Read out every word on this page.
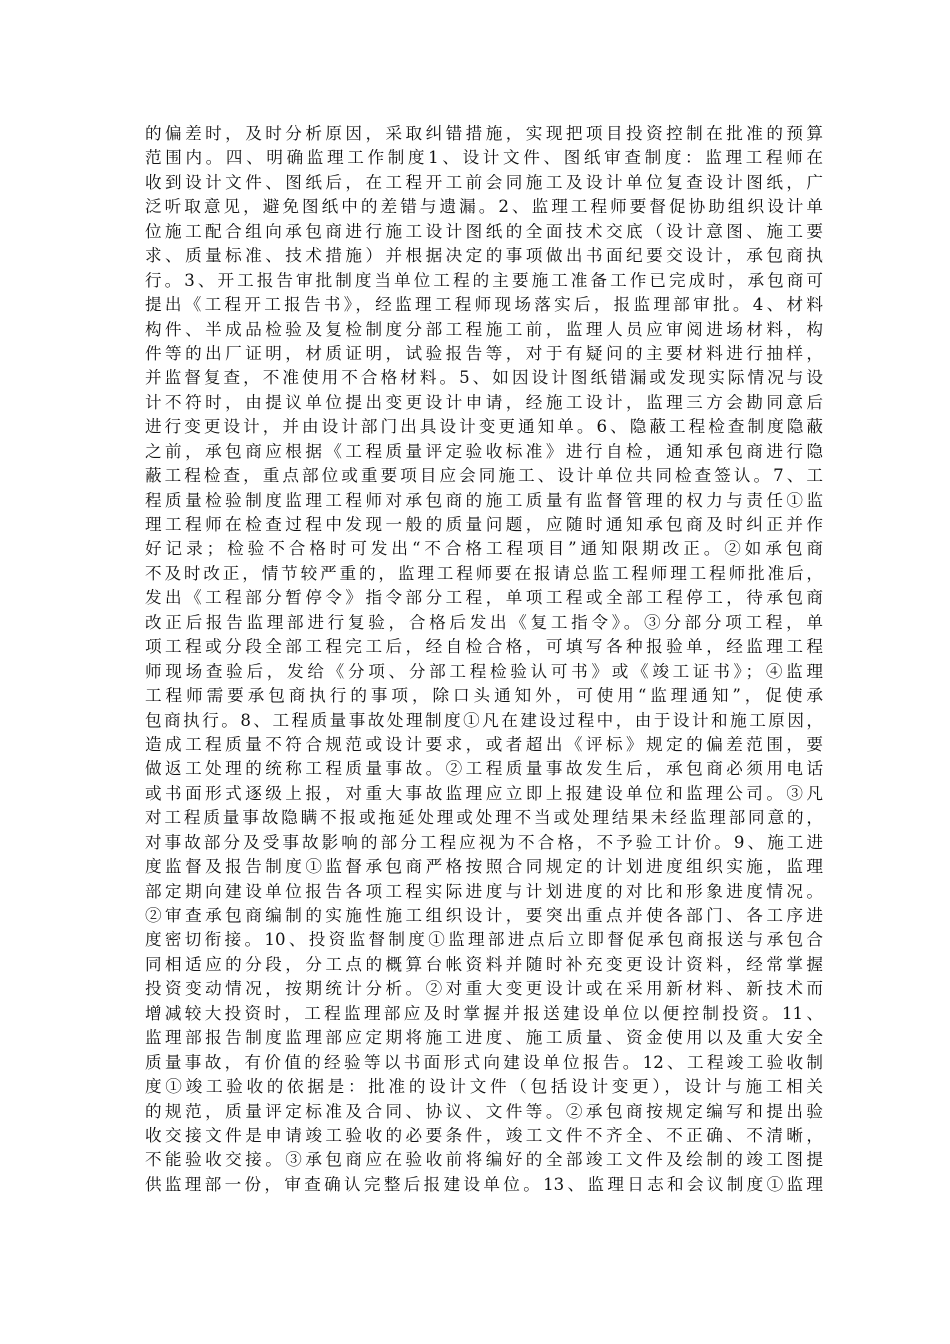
的偏差时，及时分析原因，采取纠错措施，实现把项目投资控制在批准的预算
范围内。四、明确监理工作制度1、设计文件、图纸审查制度：监理工程师在
收到设计文件、图纸后，在工程开工前会同施工及设计单位复查设计图纸，广
泛听取意见，避免图纸中的差错与遗漏。2、监理工程师要督促协助组织设计单
位施工配合组向承包商进行施工设计图纸的全面技术交底（设计意图、施工要
求、质量标准、技术措施）并根据决定的事项做出书面纪要交设计，承包商执
行。3、开工报告审批制度当单位工程的主要施工准备工作已完成时，承包商可
提出《工程开工报告书》，经监理工程师现场落实后，报监理部审批。4、材料
构件、半成品检验及复检制度分部工程施工前，监理人员应审阅进场材料，构
件等的出厂证明，材质证明，试验报告等，对于有疑问的主要材料进行抽样，
并监督复查，不准使用不合格材料。5、如因设计图纸错漏或发现实际情况与设
计不符时，由提议单位提出变更设计申请，经施工设计，监理三方会勘同意后
进行变更设计，并由设计部门出具设计变更通知单。6、隐蔽工程检查制度隐蔽
之前，承包商应根据《工程质量评定验收标准》进行自检，通知承包商进行隐
蔽工程检查，重点部位或重要项目应会同施工、设计单位共同检查签认。7、工
程质量检验制度监理工程师对承包商的施工质量有监督管理的权力与责任①监
理工程师在检查过程中发现一般的质量问题，应随时通知承包商及时纠正并作
好记录；检验不合格时可发出“不合格工程项目”通知限期改正。②如承包商
不及时改正，情节较严重的，监理工程师要在报请总监工程师理工程师批准后，
发出《工程部分暂停令》指令部分工程，单项工程或全部工程停工，待承包商
改正后报告监理部进行复验，合格后发出《复工指令》。③分部分项工程，单
项工程或分段全部工程完工后，经自检合格，可填写各种报验单，经监理工程
师现场查验后，发给《分项、分部工程检验认可书》或《竣工证书》；④监理
工程师需要承包商执行的事项，除口头通知外，可使用“监理通知”，促使承
包商执行。8、工程质量事故处理制度①凡在建设过程中，由于设计和施工原因，
造成工程质量不符合规范或设计要求，或者超出《评标》规定的偏差范围，要
做返工处理的统称工程质量事故。②工程质量事故发生后，承包商必须用电话
或书面形式逐级上报，对重大事故监理应立即上报建设单位和监理公司。③凡
对工程质量事故隐瞒不报或拖延处理或处理不当或处理结果未经监理部同意的，
对事故部分及受事故影响的部分工程应视为不合格，不予验工计价。9、施工进
度监督及报告制度①监督承包商严格按照合同规定的计划进度组织实施，监理
部定期向建设单位报告各项工程实际进度与计划进度的对比和形象进度情况。
②审查承包商编制的实施性施工组织设计，要突出重点并使各部门、各工序进
度密切衔接。10、投资监督制度①监理部进点后立即督促承包商报送与承包合
同相适应的分段，分工点的概算台帐资料并随时补充变更设计资料，经常掌握
投资变动情况，按期统计分析。②对重大变更设计或在采用新材料、新技术而
增减较大投资时，工程监理部应及时掌握并报送建设单位以便控制投资。11、
监理部报告制度监理部应定期将施工进度、施工质量、资金使用以及重大安全
质量事故，有价值的经验等以书面形式向建设单位报告。12、工程竣工验收制
度①竣工验收的依据是：批准的设计文件（包括设计变更），设计与施工相关
的规范，质量评定标准及合同、协议、文件等。②承包商按规定编写和提出验
收交接文件是申请竣工验收的必要条件，竣工文件不齐全、不正确、不清晰，
不能验收交接。③承包商应在验收前将编好的全部竣工文件及绘制的竣工图提
供监理部一份，审查确认完整后报建设单位。13、监理日志和会议制度①监理
